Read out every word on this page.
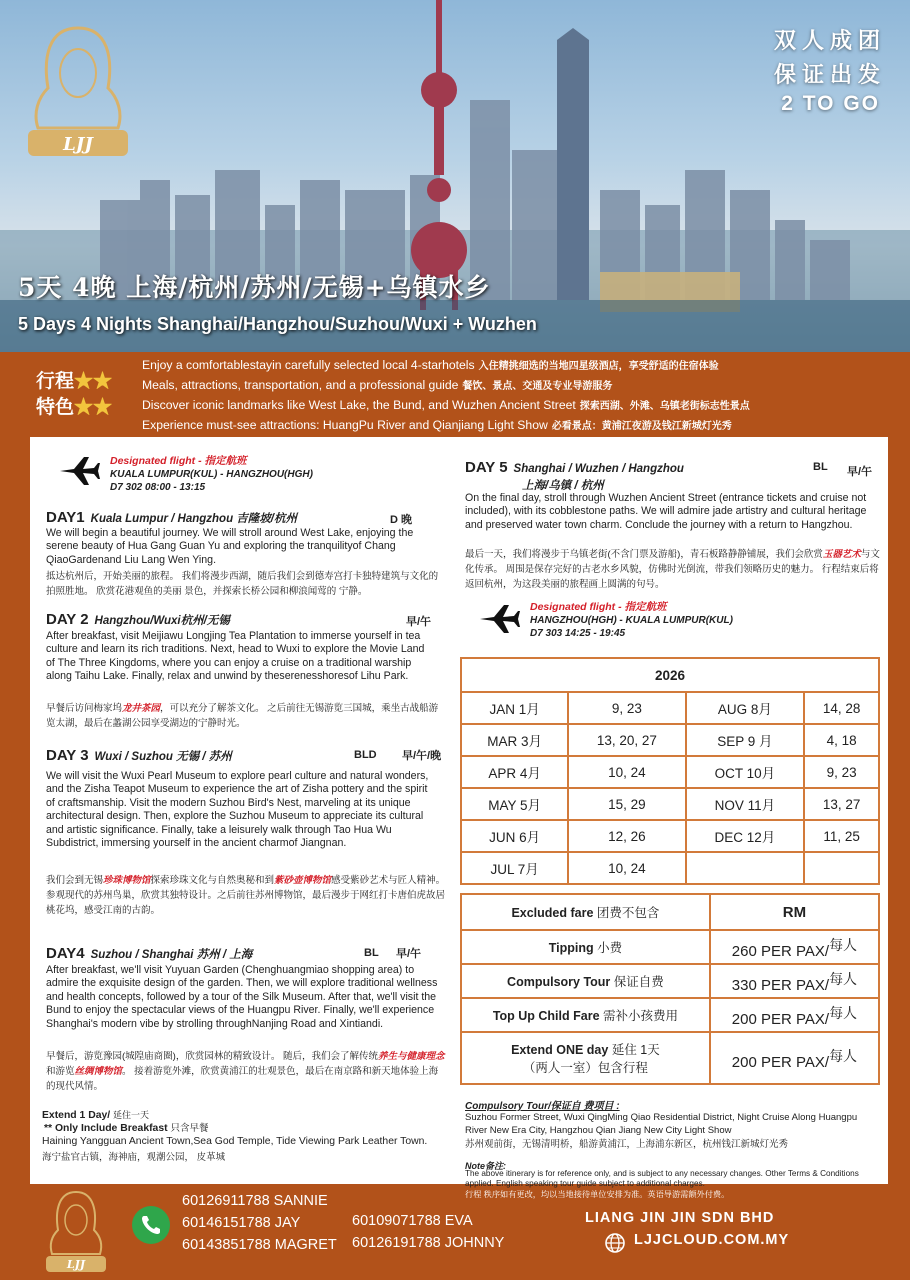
LJJ
双人成团
保证出发
2 TO GO
5天 4晚 上海/杭州/苏州/无锡+乌镇水乡
5 Days 4 Nights Shanghai/Hangzhou/Suzhou/Wuxi + Wuzhen
行程★★
特色★★
Enjoy a comfortablestayin carefully selected local 4-starhotels 入住精挑细选的当地四星级酒店，享受舒适的住宿体验
Meals, attractions, transportation, and a professional guide 餐饮、景点、交通及专业导游服务
Discover iconic landmarks like West Lake, the Bund, and Wuzhen Ancient Street 探索西湖、外滩、乌镇老街标志性景点
Experience must-see attractions: HuangPu River and Qianjiang Light Show 必看景点：黄浦江夜游及钱江新城灯光秀
Designated flight - 指定航班
KUALA LUMPUR(KUL) - HANGZHOU(HGH)
D7 302 08:00 - 13:15
DAY1 Kuala Lumpur / Hangzhou 吉隆坡/杭州	D 晚
We will begin a beautiful journey. We will stroll around West Lake, enjoying the serene beauty of Hua Gang Guan Yu and exploring the tranquilityof Chang QiaoGardenand Liu Lang Wen Ying.
抵达杭州后，开始美丽的旅程。 我们将漫步西湖，随后我们会到德寿宫打卡独特建筑与文化的拍照胜地。 欣赏花港观鱼的美丽 景色，并探索长桥公园和柳浪闻莺的 宁静。
DAY 2 Hangzhou/Wuxi杭州/无锡	早/午
After breakfast, visit Meijiawu Longjing Tea Plantation to immerse yourself in tea culture and learn its rich traditions. Next, head to Wuxi to explore the Movie Land of The Three Kingdoms, where you can enjoy a cruise on a traditional warship along Taihu Lake. Finally, relax and unwind by theserenesshoresof Lihu Park.
早餐后访问梅家坞龙井茶园，可以充分了解茶文化。 之后前往无锡游览三国城，乘坐古战船游览太湖，最后在蠡湖公园享受湖边的宁静时光。
DAY 3 Wuxi / Suzhou 无锡 / 苏州	BLD 早/午/晚
We will visit the Wuxi Pearl Museum to explore pearl culture and natural wonders, and the Zisha Teapot Museum to experience the art of Zisha pottery and the spirit of craftsmanship. Visit the modern Suzhou Bird's Nest, marveling at its unique architectural design. Then, explore the Suzhou Museum to appreciate its cultural and artistic significance. Finally, take a leisurely walk through Tao Hua Wu Subdistrict, immersing yourself in the ancient charmof Jiangnan.
我们会到无锡珍珠博物馆探索珍珠文化与自然奥秘和到紫砂壶博物馆感受紫砂艺术与匠人精神。 参观现代的苏州鸟巢，欣赏其独特设计。之后前往苏州博物馆，最后漫步于网红打卡唐伯虎故居桃花坞，感受江南的古韵。
DAY4 Suzhou / Shanghai 苏州 / 上海	BL 早/午
After breakfast, we'll visit Yuyuan Garden (Chenghuangmiao shopping area) to admire the exquisite design of the garden. Then, we will explore traditional wellness and health concepts, followed by a tour of the Silk Museum. After that, we'll visit the Bund to enjoy the spectacular views of the Huangpu River. Finally, we'll experience Shanghai's modern vibe by strolling throughNanjing Road and Xintiandi.
早餐后，游览豫园(城隍庙商圈)，欣赏园林的精致设计。 随后，我们会了解传统养生与健康理念和游览丝绸博物馆。 接着游览外滩，欣赏黄浦江的壮观景色，最后在南京路和新天地体验上海的现代风情。
Extend 1 Day/ 延住一天
** Only Include Breakfast 只含早餐
Haining Yangguan Ancient Town,Sea God Temple, Tide Viewing Park Leather Town.
海宁盐官古镇，海神庙，观潮公园， 皮革城
DAY 5 Shanghai / Wuzhen / Hangzhou	BL 早/午
上海/乌镇 / 杭州
On the final day, stroll through Wuzhen Ancient Street (entrance tickets and cruise not included), with its cobblestone paths. We will admire jade artistry and cultural heritage and preserved water town charm. Conclude the journey with a return to Hangzhou.
最后一天，我们将漫步于乌镇老街(不含门票及游船)，青石板路静静铺展，我们会欣赏玉器艺术与文化传承。 周围是保存完好的古老水乡风貌，仿佛时光倒流，带我们领略历史的魅力。 行程结束后将返回杭州，为这段美丽的旅程画上圆满的句号。
Designated flight - 指定航班
HANGZHOU(HGH) - KUALA LUMPUR(KUL)
D7 303 14:25 - 19:45
2026			
JAN 1月	9, 23	AUG 8月	14, 28
MAR 3月	13, 20, 27	SEP 9 月	4, 18
APR 4月	10, 24	OCT 10月	9, 23
MAY 5月	15, 29	NOV 11月	13, 27
JUN 6月	12, 26	DEC 12月	11, 25
JUL 7月	10, 24		
Excluded fare 团费不包含	RM
Tipping 小费	260 PER PAX/每人
Compulsory Tour 保证自费	330 PER PAX/每人
Top Up Child Fare 需补小孩费用	200 PER PAX/每人

Extend ONE day 延住 1天
（两人一室）包含行程	200 PER PAX/每人
Compulsory Tour/保证自 费项目 :
Suzhou Former Street, Wuxi QingMing Qiao Residential District, Night Cruise Along Huangpu River New Era City, Hangzhou Qian Jiang New City Light Show
苏州观前街，无锡清明桥，船游黄浦江，上海浦东新区，杭州钱江新城灯光秀
Note备注:
The above itinerary is for reference only, and is subject to any necessary changes. Other Terms & Conditions applied. English speaking tour guide subject to additional charges.
行程 秩序如有更改，均以当地接待单位安排为准。英语导游需额外付费。
LJJ
60126911788 SANNIE
60146151788 JAY
60143851788 MAGRET
60109071788 EVA
60126191788 JOHNNY
LIANG JIN JIN SDN BHD
LJJCLOUD.COM.MY
